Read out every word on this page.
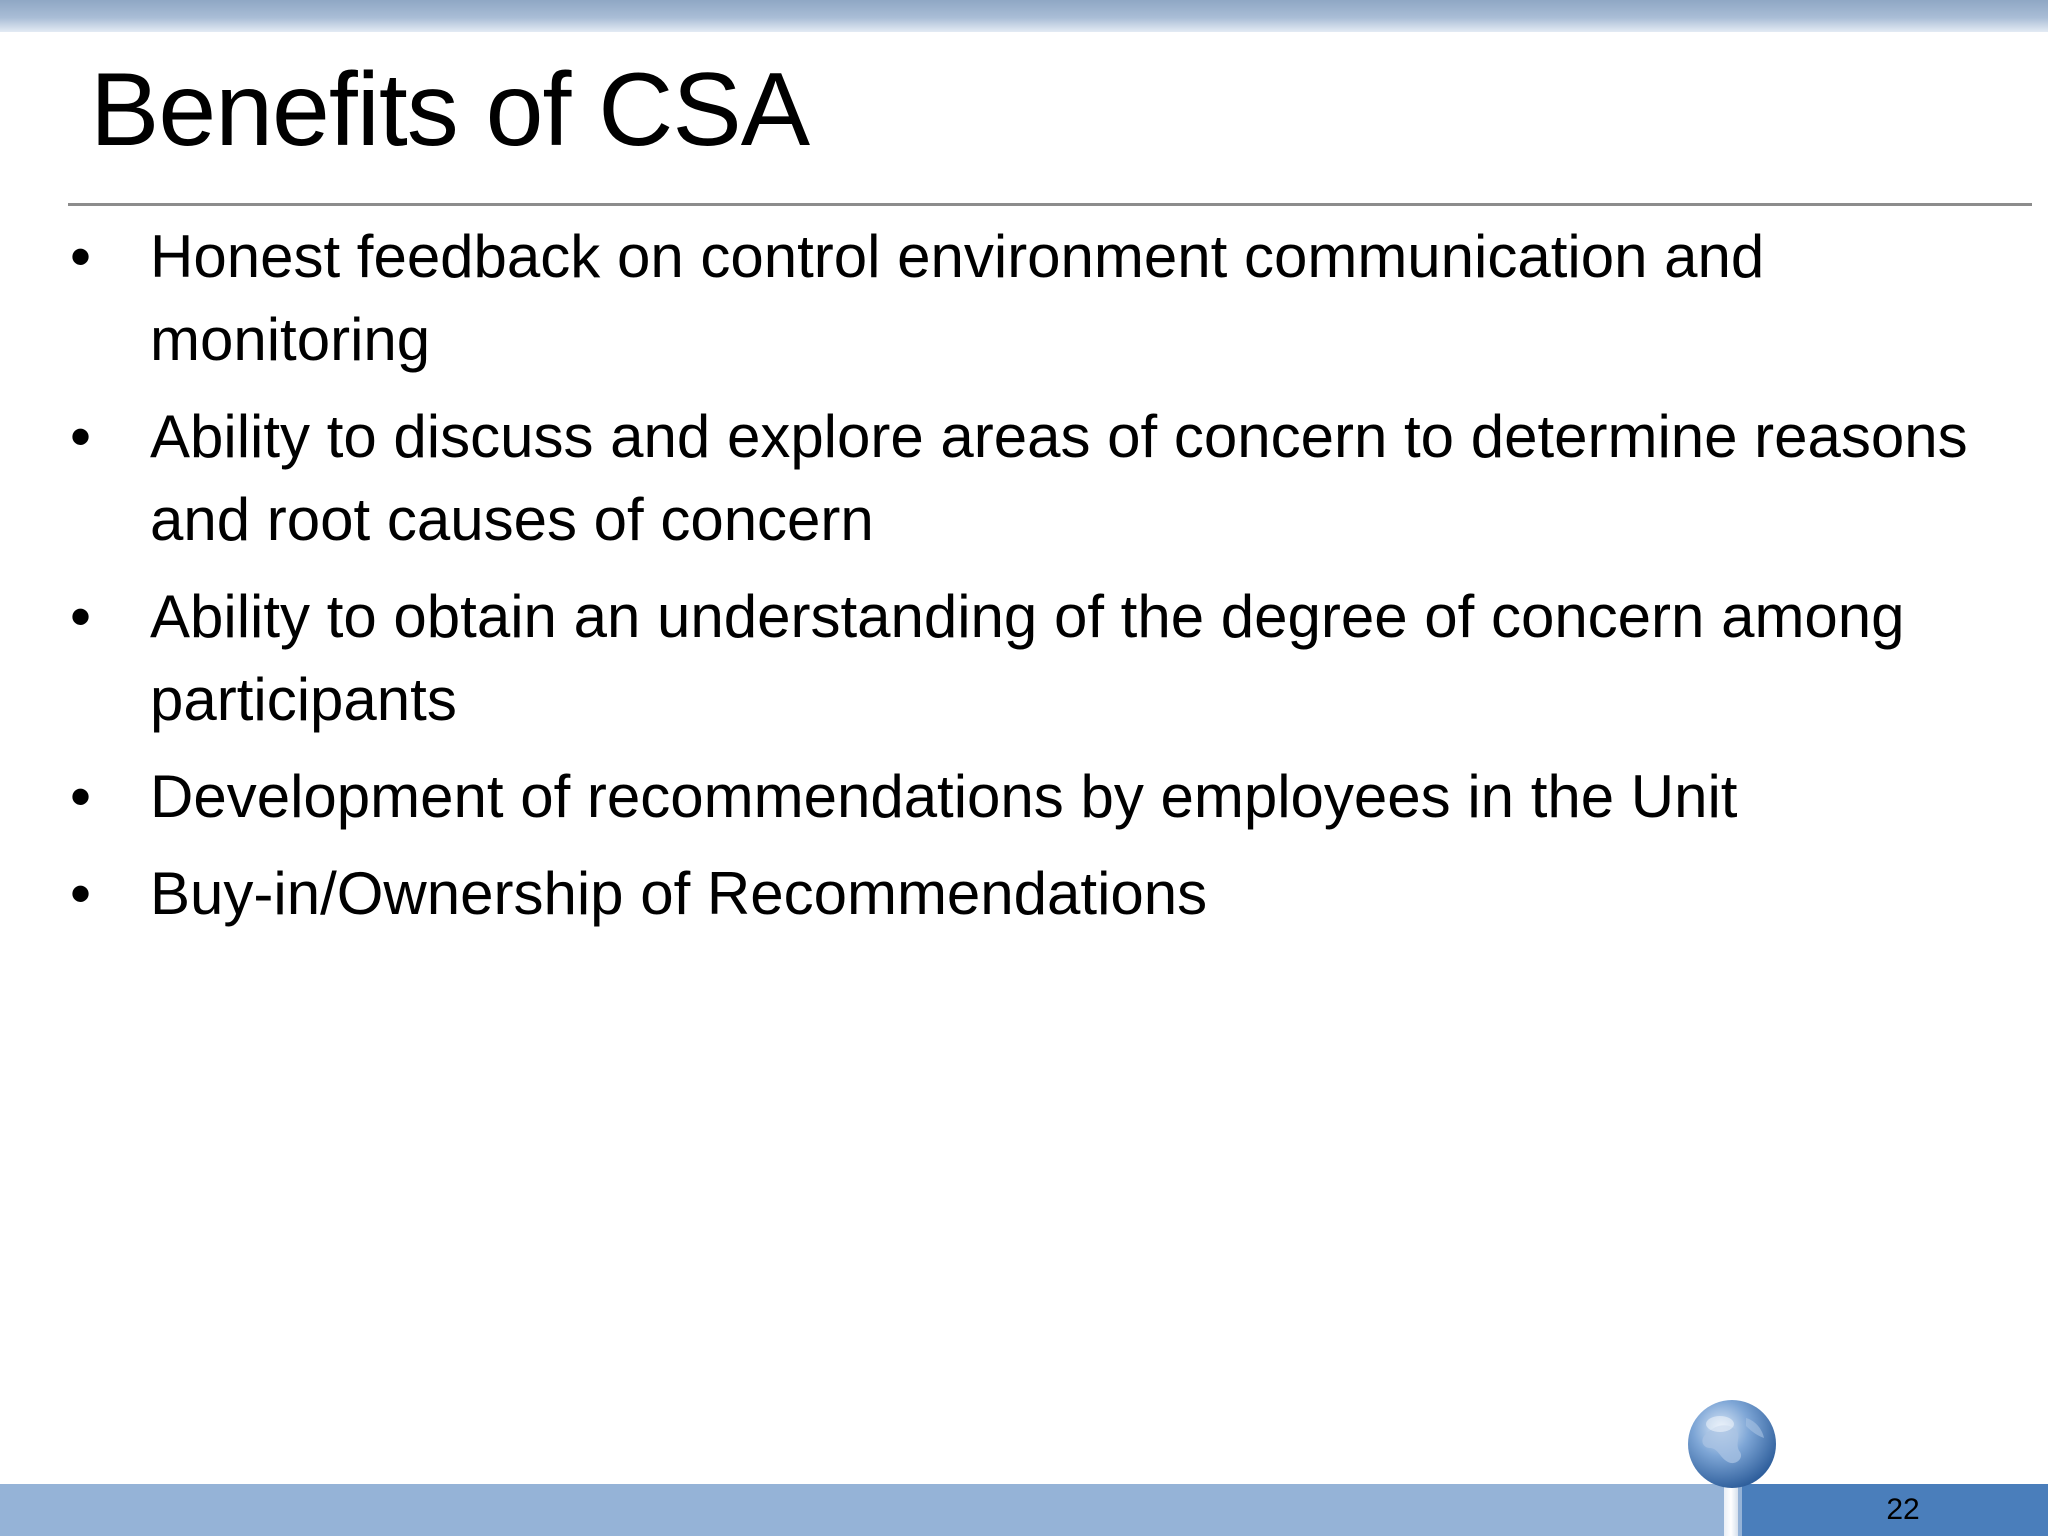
Benefits of CSA
• Honest feedback on control environment communication and monitoring
• Ability to discuss and explore areas of concern to determine reasons and root causes of concern
• Ability to obtain an understanding of the degree of concern among participants
• Development of recommendations by employees in the Unit
• Buy-in/Ownership of Recommendations
22
